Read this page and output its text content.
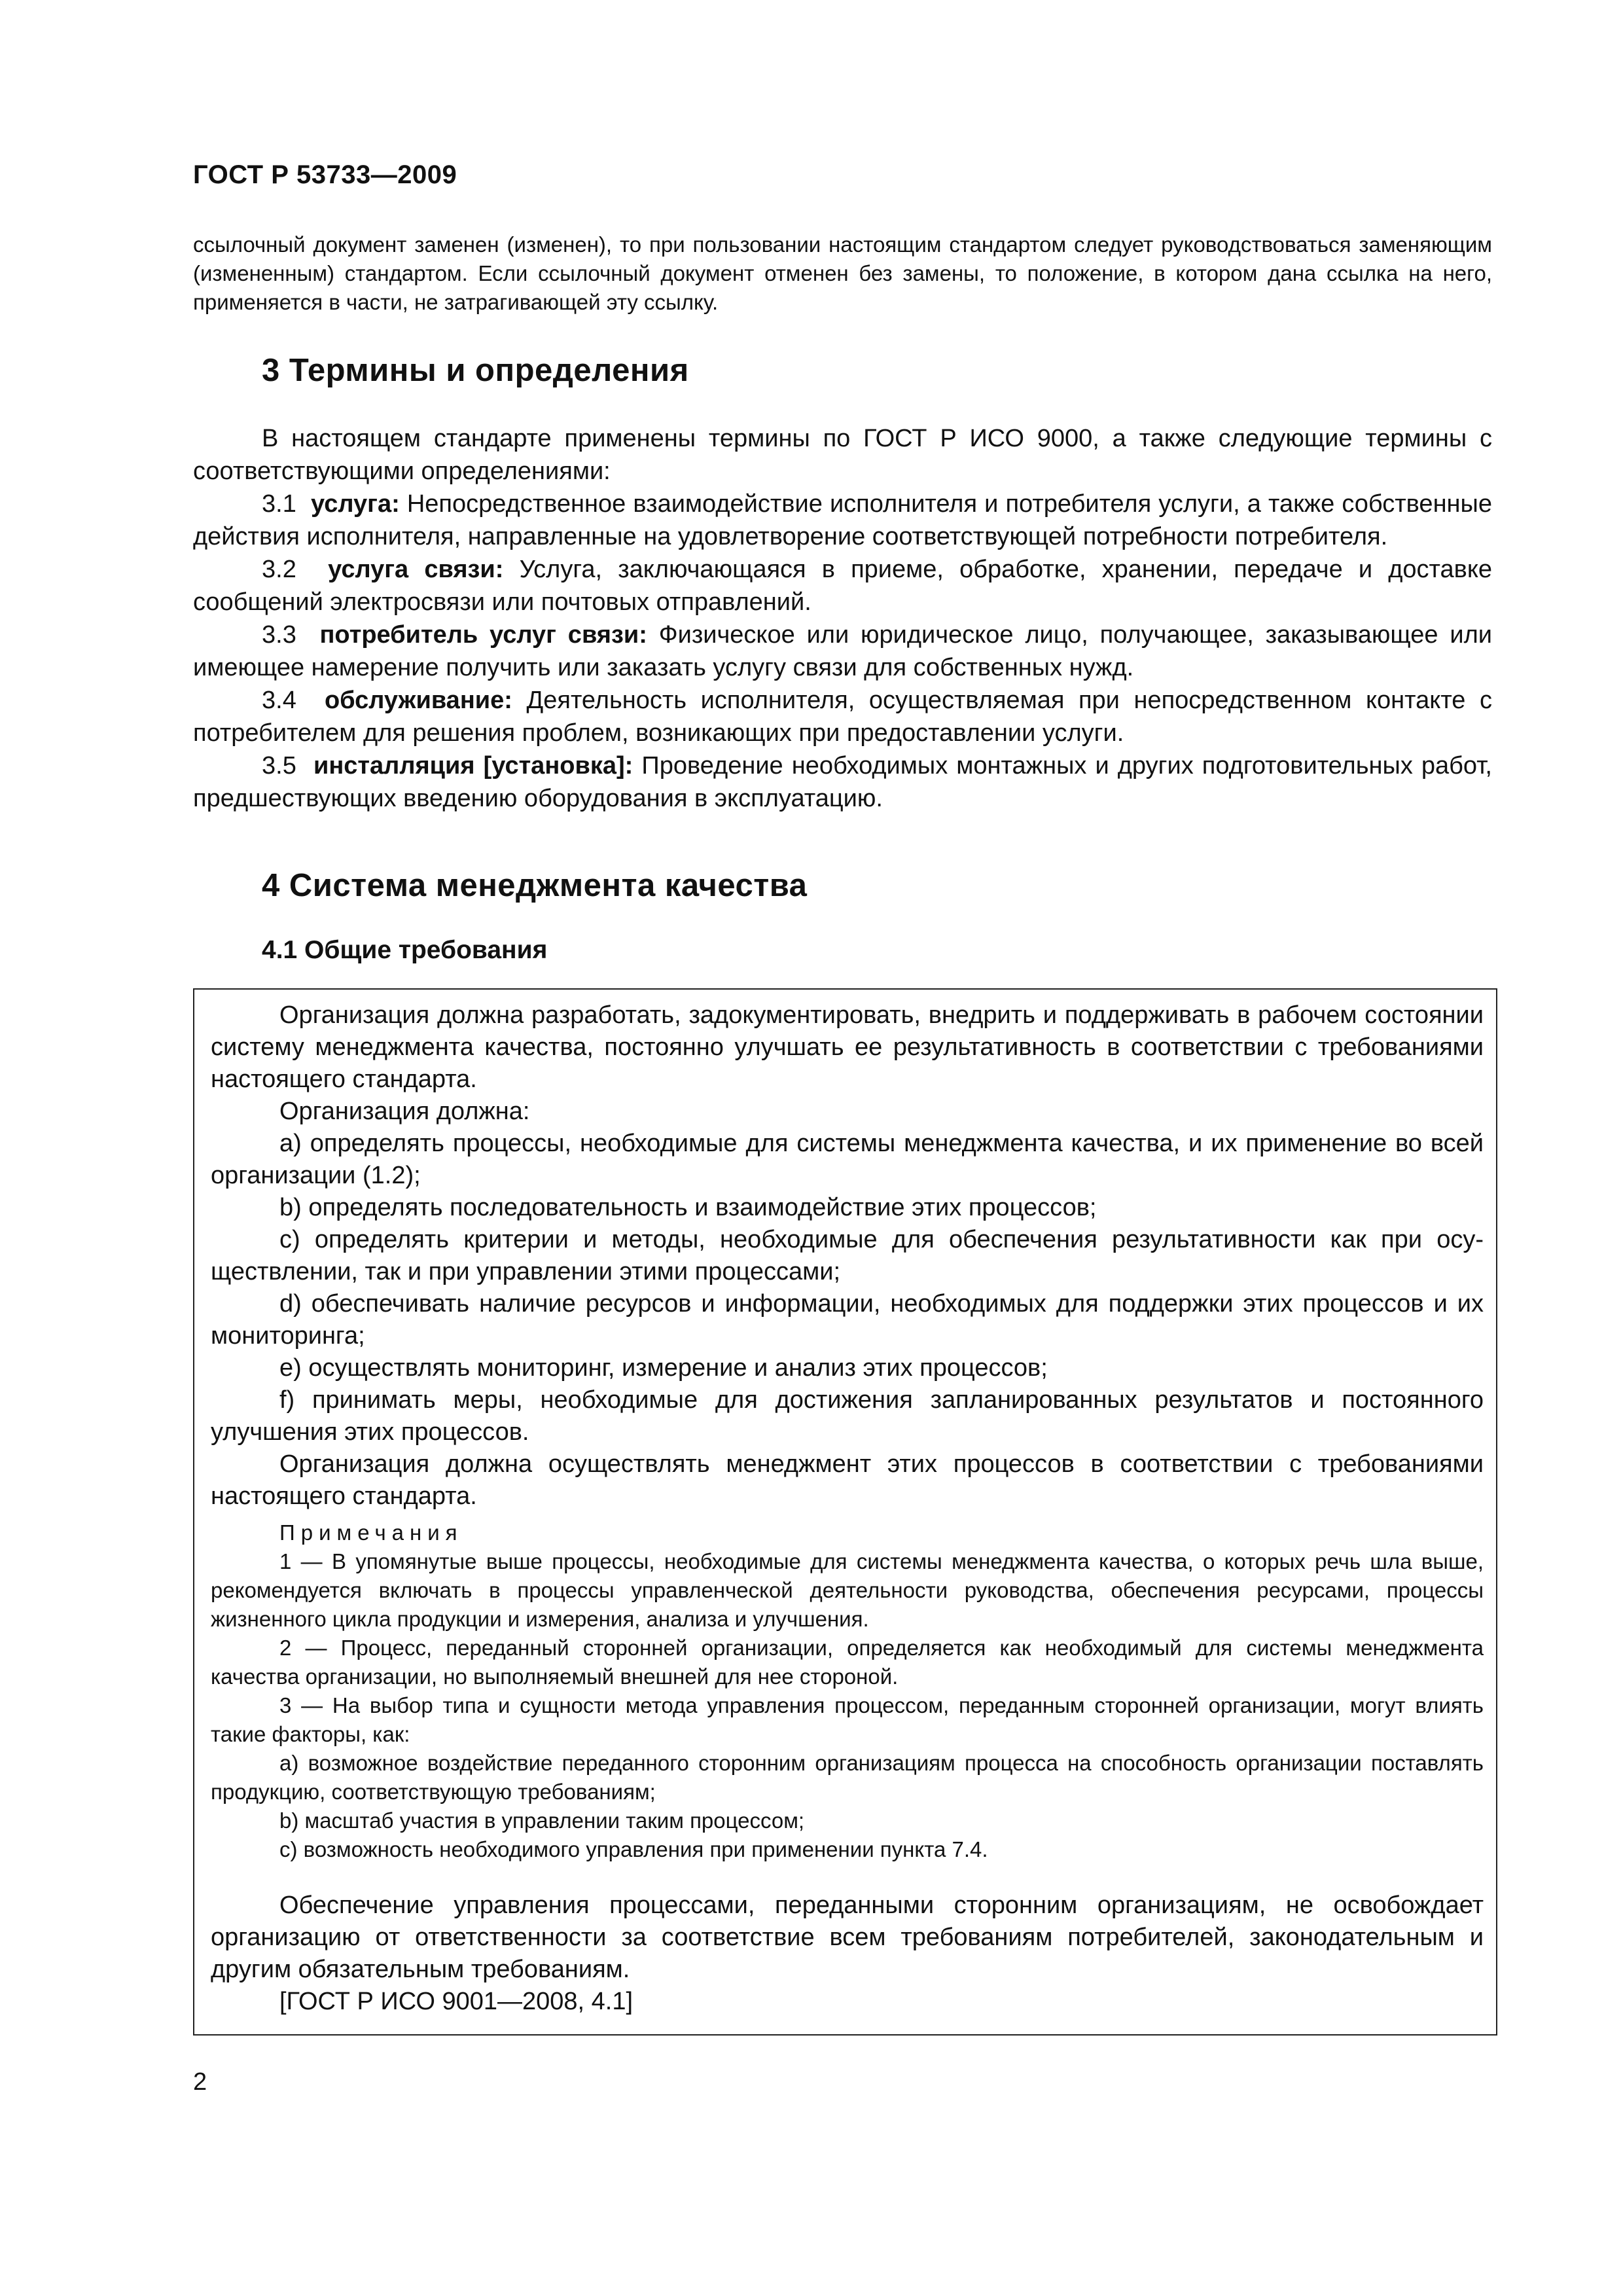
ГОСТ Р 53733—2009

ссылочный документ заменен (изменен), то при пользовании настоящим стандартом следует руководствоваться заменяющим (измененным) стандартом. Если ссылочный документ отменен без замены, то положение, в котором дана ссылка на него, применяется в части, не затрагивающей эту ссылку.

3 Термины и определения

В настоящем стандарте применены термины по ГОСТ Р ИСО 9000, а также следующие термины с соответствующими определениями:

3.1 услуга: Непосредственное взаимодействие исполнителя и потребителя услуги, а также собственные действия исполнителя, направленные на удовлетворение соответствующей потребности потребителя.

3.2 услуга связи: Услуга, заключающаяся в приеме, обработке, хранении, передаче и доставке сообщений электросвязи или почтовых отправлений.

3.3 потребитель услуг связи: Физическое или юридическое лицо, получающее, заказывающее или имеющее намерение получить или заказать услугу связи для собственных нужд.

3.4 обслуживание: Деятельность исполнителя, осуществляемая при непосредственном контакте с потребителем для решения проблем, возникающих при предоставлении услуги.

3.5 инсталляция [установка]: Проведение необходимых монтажных и других подготовительных работ, предшествующих введению оборудования в эксплуатацию.

4 Система менеджмента качества
4.1 Общие требования

Организация должна разработать, задокументировать, внедрить и поддерживать в рабочем состоянии систему менеджмента качества, постоянно улучшать ее результативность в соответствии с требованиями настоящего стандарта.

Организация должна:

a) определять процессы, необходимые для системы менеджмента качества, и их применение во всей организации (1.2);

b) определять последовательность и взаимодействие этих процессов;

c) определять критерии и методы, необходимые для обеспечения результативности как при осуществлении, так и при управлении этими процессами;

d) обеспечивать наличие ресурсов и информации, необходимых для поддержки этих процессов и их мониторинга;

e) осуществлять мониторинг, измерение и анализ этих процессов;

f) принимать меры, необходимые для достижения запланированных результатов и постоянного улучшения этих процессов.

Организация должна осуществлять менеджмент этих процессов в соответствии с требованиями настоящего стандарта.

Примечания

1 — В упомянутые выше процессы, необходимые для системы менеджмента качества, о которых речь шла выше, рекомендуется включать в процессы управленческой деятельности руководства, обеспечения ресурсами, процессы жизненного цикла продукции и измерения, анализа и улучшения.

2 — Процесс, переданный сторонней организации, определяется как необходимый для системы менеджмента качества организации, но выполняемый внешней для нее стороной.

3 — На выбор типа и сущности метода управления процессом, переданным сторонней организации, могут влиять такие факторы, как:

a) возможное воздействие переданного сторонним организациям процесса на способность организации поставлять продукцию, соответствующую требованиям;

b) масштаб участия в управлении таким процессом;

c) возможность необходимого управления при применении пункта 7.4.

Обеспечение управления процессами, переданными сторонним организациям, не освобождает организацию от ответственности за соответствие всем требованиям потребителей, законодательным и другим обязательным требованиям.

[ГОСТ Р ИСО 9001—2008, 4.1]

2
